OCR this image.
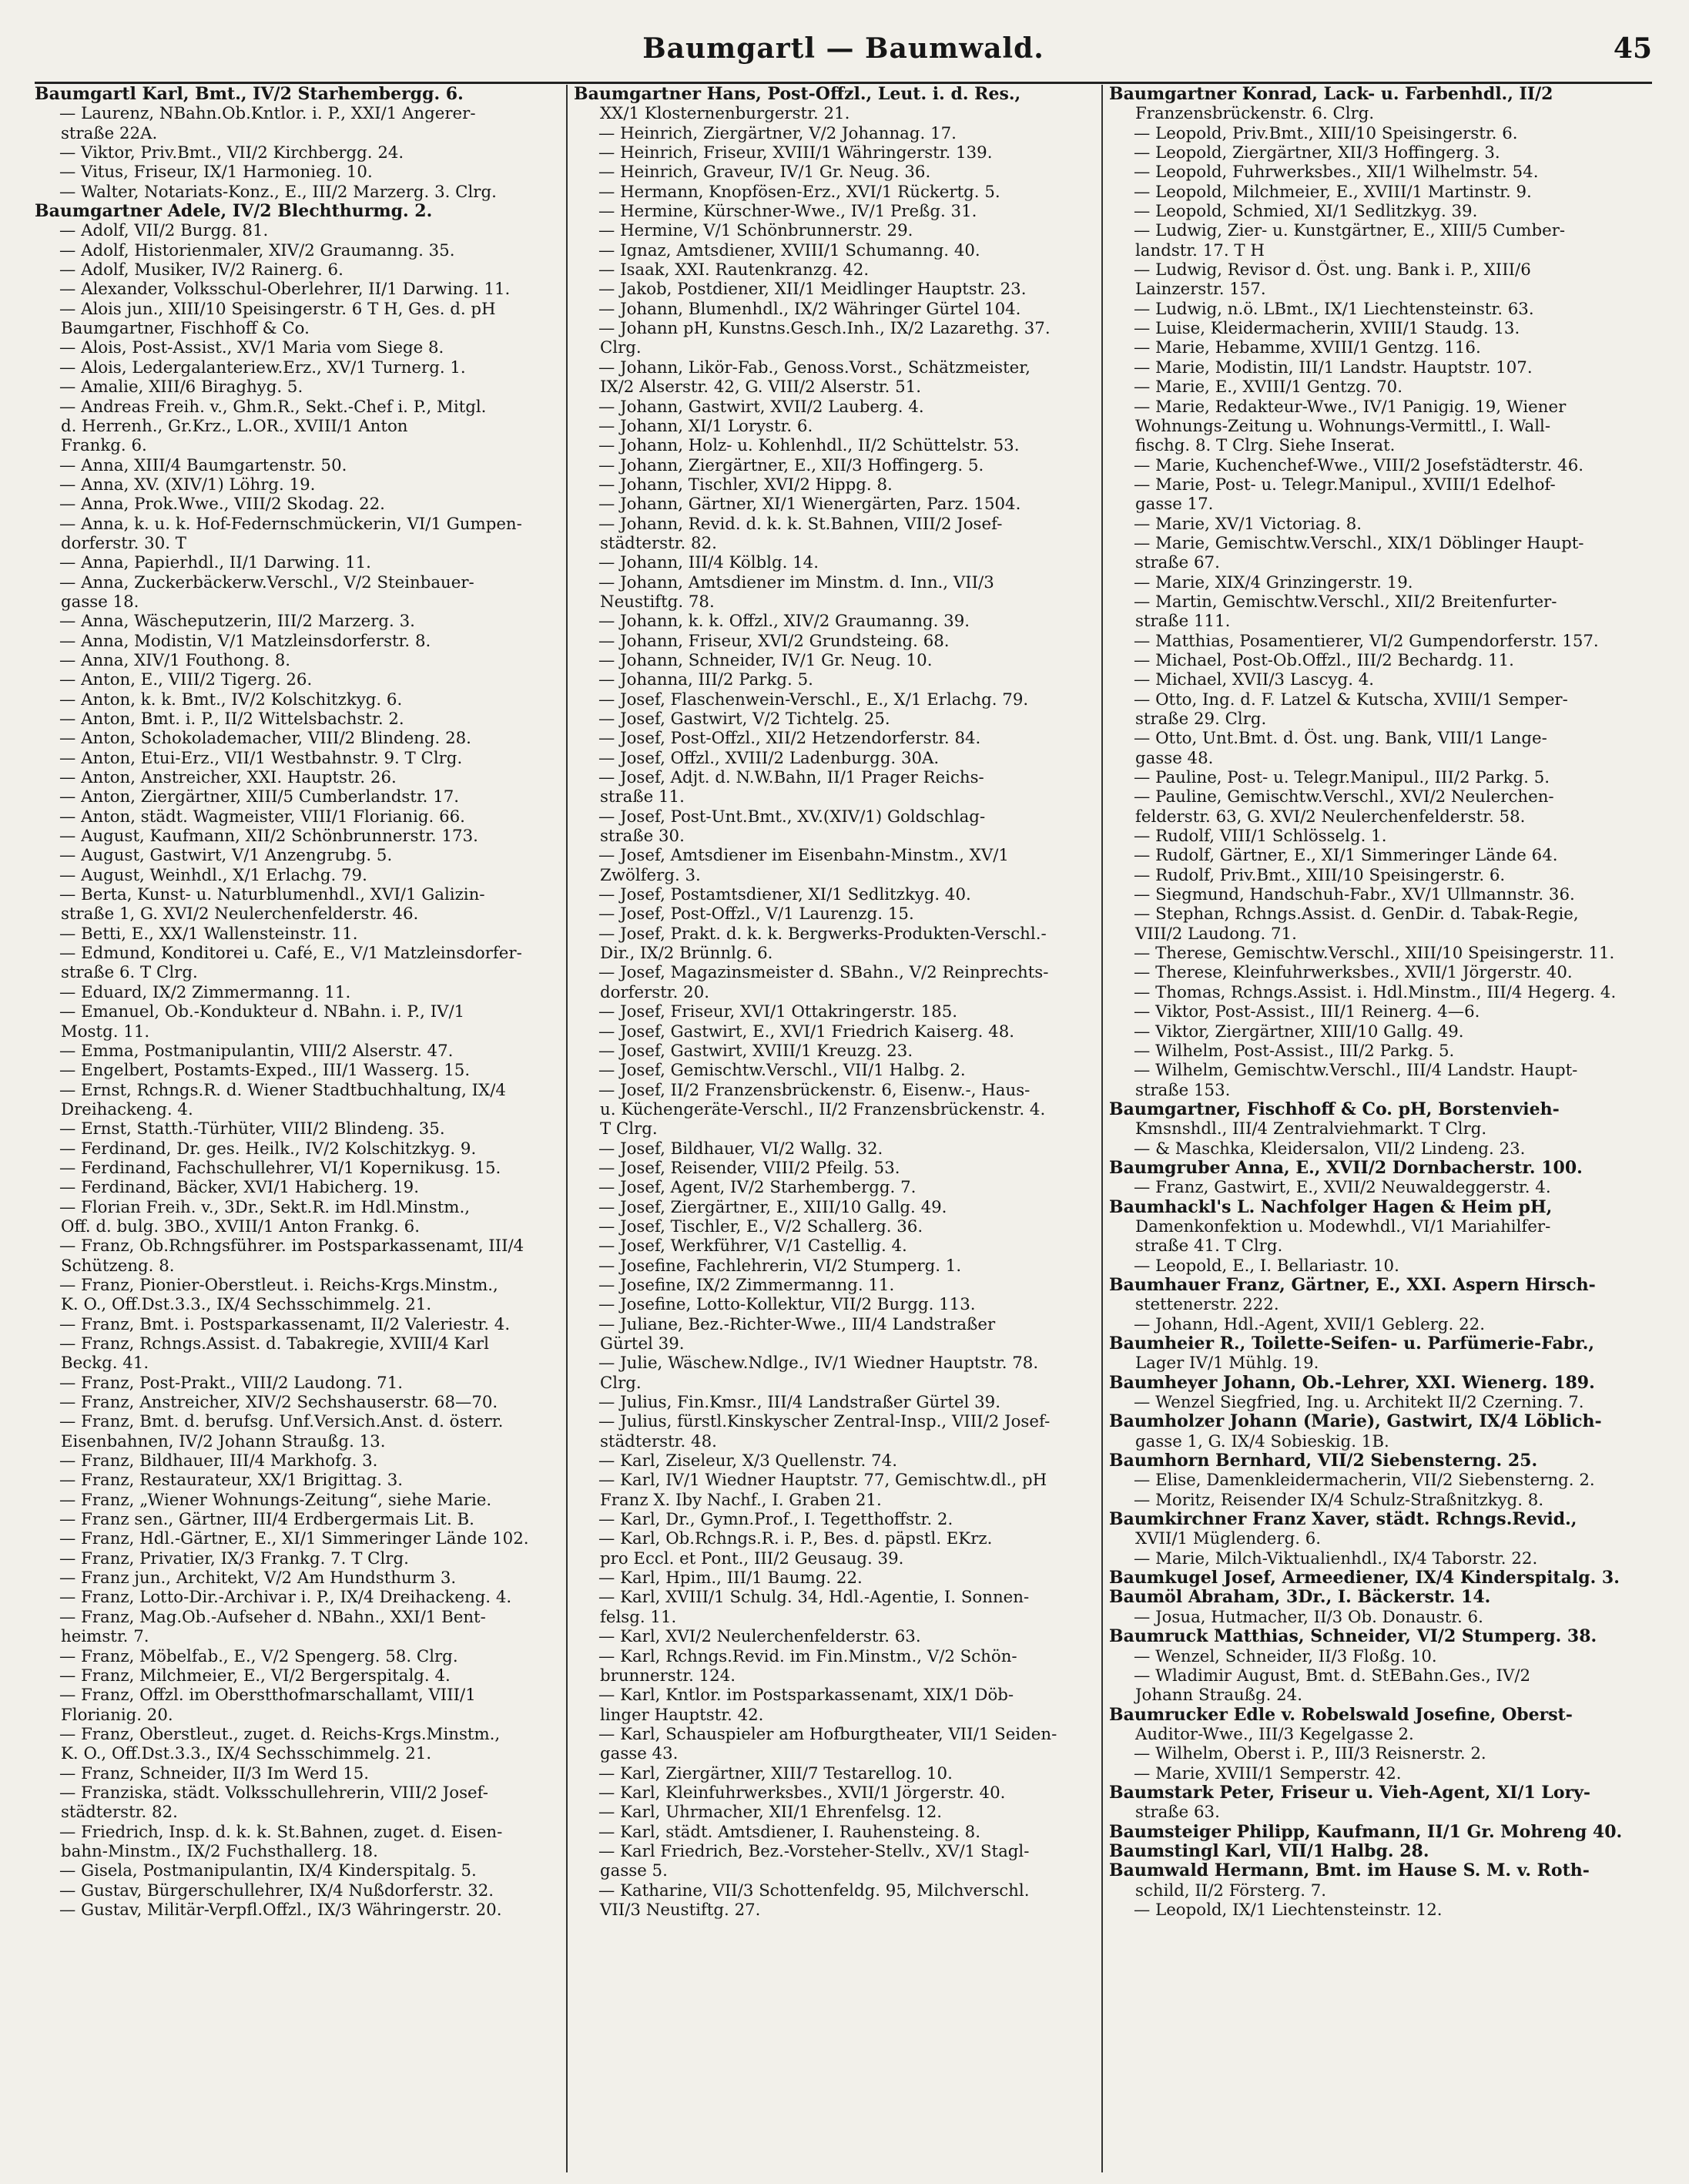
Baumgartl — Baumwald.	45
Baumgartl Karl, Bmt., IV/2 Starhembergg. 6.
— Laurenz, NBahn.Ob.Kntlor. i. P., XXI/1 Angerer-
straße 22A.
— Viktor, Priv.Bmt., VII/2 Kirchbergg. 24.
— Vitus, Friseur, IX/1 Harmonieg. 10.
— Walter, Notariats-Konz., E., III/2 Marzerg. 3. Clrg.
Baumgartner Adele, IV/2 Blechthurmg. 2.
— Adolf, VII/2 Burgg. 81.
— Adolf, Historienmaler, XIV/2 Graumanng. 35.
— Adolf, Musiker, IV/2 Rainerg. 6.
— Alexander, Volksschul-Oberlehrer, II/1 Darwing. 11.
— Alois jun., XIII/10 Speisingerstr. 6 T H, Ges. d. pH
Baumgartner, Fischhoff & Co.
— Alois, Post-Assist., XV/1 Maria vom Siege 8.
— Alois, Ledergalanteriew.Erz., XV/1 Turnerg. 1.
— Amalie, XIII/6 Biraghyg. 5.
— Andreas Freih. v., Ghm.R., Sekt.-Chef i. P., Mitgl.
d. Herrenh., Gr.Krz., L.OR., XVIII/1 Anton
Frankg. 6.
— Anna, XIII/4 Baumgartenstr. 50.
— Anna, XV. (XIV/1) Löhrg. 19.
— Anna, Prok.Wwe., VIII/2 Skodag. 22.
— Anna, k. u. k. Hof-Federnschmückerin, VI/1 Gumpen-
dorferstr. 30. T
— Anna, Papierhdl., II/1 Darwing. 11.
— Anna, Zuckerbäckerw.Verschl., V/2 Steinbauer-
gasse 18.
— Anna, Wäscheputzerin, III/2 Marzerg. 3.
— Anna, Modistin, V/1 Matzleinsdorferstr. 8.
— Anna, XIV/1 Fouthong. 8.
— Anton, E., VIII/2 Tigerg. 26.
— Anton, k. k. Bmt., IV/2 Kolschitzkyg. 6.
— Anton, Bmt. i. P., II/2 Wittelsbachstr. 2.
— Anton, Schokolademacher, VIII/2 Blindeng. 28.
— Anton, Etui-Erz., VII/1 Westbahnstr. 9. T Clrg.
— Anton, Anstreicher, XXI. Hauptstr. 26.
— Anton, Ziergärtner, XIII/5 Cumberlandstr. 17.
— Anton, städt. Wagmeister, VIII/1 Florianig. 66.
— August, Kaufmann, XII/2 Schönbrunnerstr. 173.
— August, Gastwirt, V/1 Anzengrubg. 5.
— August, Weinhdl., X/1 Erlachg. 79.
— Berta, Kunst- u. Naturblumenhdl., XVI/1 Galizin-
straße 1, G. XVI/2 Neulerchenfelderstr. 46.
— Betti, E., XX/1 Wallensteinstr. 11.
— Edmund, Konditorei u. Café, E., V/1 Matzleinsdorfer-
straße 6. T Clrg.
— Eduard, IX/2 Zimmermanng. 11.
— Emanuel, Ob.-Kondukteur d. NBahn. i. P., IV/1
Mostg. 11.
— Emma, Postmanipulantin, VIII/2 Alserstr. 47.
— Engelbert, Postamts-Exped., III/1 Wasserg. 15.
— Ernst, Rchngs.R. d. Wiener Stadtbuchhaltung, IX/4
Dreihackeng. 4.
— Ernst, Statth.-Türhüter, VIII/2 Blindeng. 35.
— Ferdinand, Dr. ges. Heilk., IV/2 Kolschitzkyg. 9.
— Ferdinand, Fachschullehrer, VI/1 Kopernikusg. 15.
— Ferdinand, Bäcker, XVI/1 Habicherg. 19.
— Florian Freih. v., 3Dr., Sekt.R. im Hdl.Minstm.,
Off. d. bulg. 3BO., XVIII/1 Anton Frankg. 6.
— Franz, Ob.Rchngsführer. im Postsparkassenamt, III/4
Schützeng. 8.
— Franz, Pionier-Oberstleut. i. Reichs-Krgs.Minstm.,
K. O., Off.Dst.3.3., IX/4 Sechsschimmelg. 21.
— Franz, Bmt. i. Postsparkassenamt, II/2 Valeriestr. 4.
— Franz, Rchngs.Assist. d. Tabakregie, XVIII/4 Karl
Beckg. 41.
— Franz, Post-Prakt., VIII/2 Laudong. 71.
— Franz, Anstreicher, XIV/2 Sechshauserstr. 68—70.
— Franz, Bmt. d. berufsg. Unf.Versich.Anst. d. österr.
Eisenbahnen, IV/2 Johann Straußg. 13.
— Franz, Bildhauer, III/4 Markhofg. 3.
— Franz, Restaurateur, XX/1 Brigittag. 3.
— Franz, „Wiener Wohnungs-Zeitung“, siehe Marie.
— Franz sen., Gärtner, III/4 Erdbergermais Lit. B.
— Franz, Hdl.-Gärtner, E., XI/1 Simmeringer Lände 102.
— Franz, Privatier, IX/3 Frankg. 7. T Clrg.
— Franz jun., Architekt, V/2 Am Hundsthurm 3.
— Franz, Lotto-Dir.-Archivar i. P., IX/4 Dreihackeng. 4.
— Franz, Mag.Ob.-Aufseher d. NBahn., XXI/1 Bent-
heimstr. 7.
— Franz, Möbelfab., E., V/2 Spengerg. 58. Clrg.
— Franz, Milchmeier, E., VI/2 Bergerspitalg. 4.
— Franz, Offzl. im Oberstthofmarschallamt, VIII/1
Florianig. 20.
— Franz, Oberstleut., zuget. d. Reichs-Krgs.Minstm.,
K. O., Off.Dst.3.3., IX/4 Sechsschimmelg. 21.
— Franz, Schneider, II/3 Im Werd 15.
— Franziska, städt. Volksschullehrerin, VIII/2 Josef-
städterstr. 82.
— Friedrich, Insp. d. k. k. St.Bahnen, zuget. d. Eisen-
bahn-Minstm., IX/2 Fuchsthallerg. 18.
— Gisela, Postmanipulantin, IX/4 Kinderspitalg. 5.
— Gustav, Bürgerschullehrer, IX/4 Nußdorferstr. 32.
— Gustav, Militär-Verpfl.Offzl., IX/3 Währingerstr. 20.
Baumgartner Hans, Post-Offzl., Leut. i. d. Res.,
XX/1 Klosternenburgerstr. 21.
— Heinrich, Ziergärtner, V/2 Johannag. 17.
— Heinrich, Friseur, XVIII/1 Währingerstr. 139.
— Heinrich, Graveur, IV/1 Gr. Neug. 36.
— Hermann, Knopfösen-Erz., XVI/1 Rückertg. 5.
— Hermine, Kürschner-Wwe., IV/1 Preßg. 31.
— Hermine, V/1 Schönbrunnerstr. 29.
— Ignaz, Amtsdiener, XVIII/1 Schumanng. 40.
— Isaak, XXI. Rautenkranzg. 42.
— Jakob, Postdiener, XII/1 Meidlinger Hauptstr. 23.
— Johann, Blumenhdl., IX/2 Währinger Gürtel 104.
— Johann pH, Kunstns.Gesch.Inh., IX/2 Lazarethg. 37.
Clrg.
— Johann, Likör-Fab., Genoss.Vorst., Schätzmeister,
IX/2 Alserstr. 42, G. VIII/2 Alserstr. 51.
— Johann, Gastwirt, XVII/2 Lauberg. 4.
— Johann, XI/1 Lorystr. 6.
— Johann, Holz- u. Kohlenhdl., II/2 Schüttelstr. 53.
— Johann, Ziergärtner, E., XII/3 Hoffingerg. 5.
— Johann, Tischler, XVI/2 Hippg. 8.
— Johann, Gärtner, XI/1 Wienergärten, Parz. 1504.
— Johann, Revid. d. k. k. St.Bahnen, VIII/2 Josef-
städterstr. 82.
— Johann, III/4 Kölblg. 14.
— Johann, Amtsdiener im Minstm. d. Inn., VII/3
Neustiftg. 78.
— Johann, k. k. Offzl., XIV/2 Graumanng. 39.
— Johann, Friseur, XVI/2 Grundsteing. 68.
— Johann, Schneider, IV/1 Gr. Neug. 10.
— Johanna, III/2 Parkg. 5.
— Josef, Flaschenwein-Verschl., E., X/1 Erlachg. 79.
— Josef, Gastwirt, V/2 Tichtelg. 25.
— Josef, Post-Offzl., XII/2 Hetzendorferstr. 84.
— Josef, Offzl., XVIII/2 Ladenburgg. 30A.
— Josef, Adjt. d. N.W.Bahn, II/1 Prager Reichs-
straße 11.
— Josef, Post-Unt.Bmt., XV.(XIV/1) Goldschlag-
straße 30.
— Josef, Amtsdiener im Eisenbahn-Minstm., XV/1
Zwölferg. 3.
— Josef, Postamtsdiener, XI/1 Sedlitzkyg. 40.
— Josef, Post-Offzl., V/1 Laurenzg. 15.
— Josef, Prakt. d. k. k. Bergwerks-Produkten-Verschl.-
Dir., IX/2 Brünnlg. 6.
— Josef, Magazinsmeister d. SBahn., V/2 Reinprechts-
dorferstr. 20.
— Josef, Friseur, XVI/1 Ottakringerstr. 185.
— Josef, Gastwirt, E., XVI/1 Friedrich Kaiserg. 48.
— Josef, Gastwirt, XVIII/1 Kreuzg. 23.
— Josef, Gemischtw.Verschl., VII/1 Halbg. 2.
— Josef, II/2 Franzensbrückenstr. 6, Eisenw.-, Haus-
u. Küchengeräte-Verschl., II/2 Franzensbrückenstr. 4.
T Clrg.
— Josef, Bildhauer, VI/2 Wallg. 32.
— Josef, Reisender, VIII/2 Pfeilg. 53.
— Josef, Agent, IV/2 Starhembergg. 7.
— Josef, Ziergärtner, E., XIII/10 Gallg. 49.
— Josef, Tischler, E., V/2 Schallerg. 36.
— Josef, Werkführer, V/1 Castellig. 4.
— Josefine, Fachlehrerin, VI/2 Stumperg. 1.
— Josefine, IX/2 Zimmermanng. 11.
— Josefine, Lotto-Kollektur, VII/2 Burgg. 113.
— Juliane, Bez.-Richter-Wwe., III/4 Landstraßer
Gürtel 39.
— Julie, Wäschew.Ndlge., IV/1 Wiedner Hauptstr. 78.
Clrg.
— Julius, Fin.Kmsr., III/4 Landstraßer Gürtel 39.
— Julius, fürstl.Kinskyscher Zentral-Insp., VIII/2 Josef-
städterstr. 48.
— Karl, Ziseleur, X/3 Quellenstr. 74.
— Karl, IV/1 Wiedner Hauptstr. 77, Gemischtw.dl., pH
Franz X. Iby Nachf., I. Graben 21.
— Karl, Dr., Gymn.Prof., I. Tegetthoffstr. 2.
— Karl, Ob.Rchngs.R. i. P., Bes. d. päpstl. EKrz.
pro Eccl. et Pont., III/2 Geusaug. 39.
— Karl, Hpim., III/1 Baumg. 22.
— Karl, XVIII/1 Schulg. 34, Hdl.-Agentie, I. Sonnen-
felsg. 11.
— Karl, XVI/2 Neulerchenfelderstr. 63.
— Karl, Rchngs.Revid. im Fin.Minstm., V/2 Schön-
brunnerstr. 124.
— Karl, Kntlor. im Postsparkassenamt, XIX/1 Döb-
linger Hauptstr. 42.
— Karl, Schauspieler am Hofburgtheater, VII/1 Seiden-
gasse 43.
— Karl, Ziergärtner, XIII/7 Testarellog. 10.
— Karl, Kleinfuhrwerksbes., XVII/1 Jörgerstr. 40.
— Karl, Uhrmacher, XII/1 Ehrenfelsg. 12.
— Karl, städt. Amtsdiener, I. Rauhensteing. 8.
— Karl Friedrich, Bez.-Vorsteher-Stellv., XV/1 Stagl-
gasse 5.
— Katharine, VII/3 Schottenfeldg. 95, Milchverschl.
VII/3 Neustiftg. 27.
Baumgartner Konrad, Lack- u. Farbenhdl., II/2
Franzensbrückenstr. 6. Clrg.
— Leopold, Priv.Bmt., XIII/10 Speisingerstr. 6.
— Leopold, Ziergärtner, XII/3 Hoffingerg. 3.
— Leopold, Fuhrwerksbes., XII/1 Wilhelmstr. 54.
— Leopold, Milchmeier, E., XVIII/1 Martinstr. 9.
— Leopold, Schmied, XI/1 Sedlitzkyg. 39.
— Ludwig, Zier- u. Kunstgärtner, E., XIII/5 Cumber-
landstr. 17. T H
— Ludwig, Revisor d. Öst. ung. Bank i. P., XIII/6
Lainzerstr. 157.
— Ludwig, n.ö. LBmt., IX/1 Liechtensteinstr. 63.
— Luise, Kleidermacherin, XVIII/1 Staudg. 13.
— Marie, Hebamme, XVIII/1 Gentzg. 116.
— Marie, Modistin, III/1 Landstr. Hauptstr. 107.
— Marie, E., XVIII/1 Gentzg. 70.
— Marie, Redakteur-Wwe., IV/1 Panigig. 19, Wiener
Wohnungs-Zeitung u. Wohnungs-Vermittl., I. Wall-
fischg. 8. T Clrg. Siehe Inserat.
— Marie, Kuchenchef-Wwe., VIII/2 Josefstädterstr. 46.
— Marie, Post- u. Telegr.Manipul., XVIII/1 Edelhof-
gasse 17.
— Marie, XV/1 Victoriag. 8.
— Marie, Gemischtw.Verschl., XIX/1 Döblinger Haupt-
straße 67.
— Marie, XIX/4 Grinzingerstr. 19.
— Martin, Gemischtw.Verschl., XII/2 Breitenfurter-
straße 111.
— Matthias, Posamentierer, VI/2 Gumpendorferstr. 157.
— Michael, Post-Ob.Offzl., III/2 Bechardg. 11.
— Michael, XVII/3 Lascyg. 4.
— Otto, Ing. d. F. Latzel & Kutscha, XVIII/1 Semper-
straße 29. Clrg.
— Otto, Unt.Bmt. d. Öst. ung. Bank, VIII/1 Lange-
gasse 48.
— Pauline, Post- u. Telegr.Manipul., III/2 Parkg. 5.
— Pauline, Gemischtw.Verschl., XVI/2 Neulerchen-
felderstr. 63, G. XVI/2 Neulerchenfelderstr. 58.
— Rudolf, VIII/1 Schlösselg. 1.
— Rudolf, Gärtner, E., XI/1 Simmeringer Lände 64.
— Rudolf, Priv.Bmt., XIII/10 Speisingerstr. 6.
— Siegmund, Handschuh-Fabr., XV/1 Ullmannstr. 36.
— Stephan, Rchngs.Assist. d. GenDir. d. Tabak-Regie,
VIII/2 Laudong. 71.
— Therese, Gemischtw.Verschl., XIII/10 Speisingerstr. 11.
— Therese, Kleinfuhrwerksbes., XVII/1 Jörgerstr. 40.
— Thomas, Rchngs.Assist. i. Hdl.Minstm., III/4 Hegerg. 4.
— Viktor, Post-Assist., III/1 Reinerg. 4—6.
— Viktor, Ziergärtner, XIII/10 Gallg. 49.
— Wilhelm, Post-Assist., III/2 Parkg. 5.
— Wilhelm, Gemischtw.Verschl., III/4 Landstr. Haupt-
straße 153.
Baumgartner, Fischhoff & Co. pH, Borstenvieh-
Kmsnshdl., III/4 Zentralviehmarkt. T Clrg.
— & Maschka, Kleidersalon, VII/2 Lindeng. 23.
Baumgruber Anna, E., XVII/2 Dornbacherstr. 100.
— Franz, Gastwirt, E., XVII/2 Neuwaldeggerstr. 4.
Baumhackl's L. Nachfolger Hagen & Heim pH,
Damenkonfektion u. Modewhdl., VI/1 Mariahilfer-
straße 41. T Clrg.
— Leopold, E., I. Bellariastr. 10.
Baumhauer Franz, Gärtner, E., XXI. Aspern Hirsch-
stettenerstr. 222.
— Johann, Hdl.-Agent, XVII/1 Geblerg. 22.
Baumheier R., Toilette-Seifen- u. Parfümerie-Fabr.,
Lager IV/1 Mühlg. 19.
Baumheyer Johann, Ob.-Lehrer, XXI. Wienerg. 189.
— Wenzel Siegfried, Ing. u. Architekt II/2 Czerning. 7.
Baumholzer Johann (Marie), Gastwirt, IX/4 Löblich-
gasse 1, G. IX/4 Sobieskig. 1B.
Baumhorn Bernhard, VII/2 Siebensterng. 25.
— Elise, Damenkleidermacherin, VII/2 Siebensterng. 2.
— Moritz, Reisender IX/4 Schulz-Straßnitzkyg. 8.
Baumkirchner Franz Xaver, städt. Rchngs.Revid.,
XVII/1 Müglenderg. 6.
— Marie, Milch-Viktualienhdl., IX/4 Taborstr. 22.
Baumkugel Josef, Armeediener, IX/4 Kinderspitalg. 3.
Baumöl Abraham, 3Dr., I. Bäckerstr. 14.
— Josua, Hutmacher, II/3 Ob. Donaustr. 6.
Baumruck Matthias, Schneider, VI/2 Stumperg. 38.
— Wenzel, Schneider, II/3 Floßg. 10.
— Wladimir August, Bmt. d. StEBahn.Ges., IV/2
Johann Straußg. 24.
Baumrucker Edle v. Robelswald Josefine, Oberst-
Auditor-Wwe., III/3 Kegelgasse 2.
— Wilhelm, Oberst i. P., III/3 Reisnerstr. 2.
— Marie, XVIII/1 Semperstr. 42.
Baumstark Peter, Friseur u. Vieh-Agent, XI/1 Lory-
straße 63.
Baumsteiger Philipp, Kaufmann, II/1 Gr. Mohreng 40.
Baumstingl Karl, VII/1 Halbg. 28.
Baumwald Hermann, Bmt. im Hause S. M. v. Roth-
schild, II/2 Försterg. 7.
— Leopold, IX/1 Liechtensteinstr. 12.
